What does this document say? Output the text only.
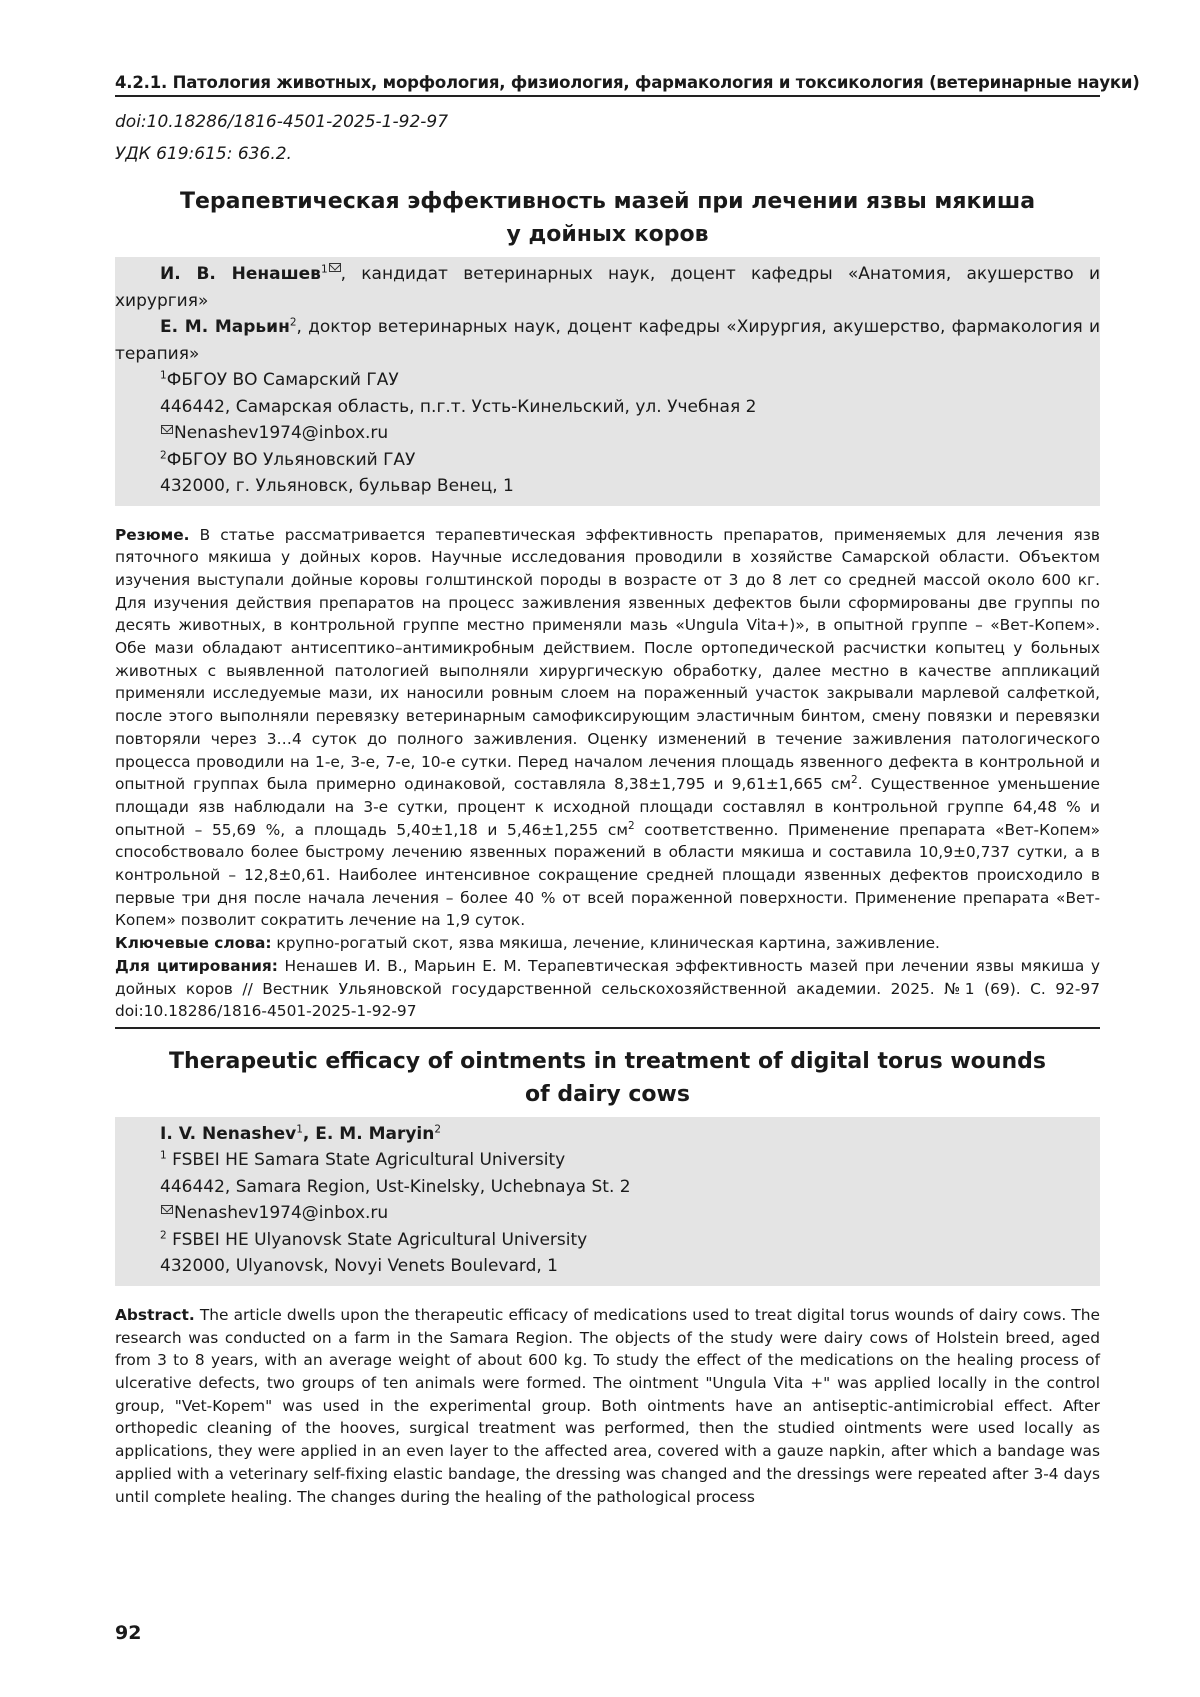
4.2.1. Патология животных, морфология, физиология, фармакология и токсикология (ветеринарные науки)
doi:10.18286/1816-4501-2025-1-92-97
УДК 619:615: 636.2.
Терапевтическая эффективность мазей при лечении язвы мякиша
у дойных коров
И. В. Ненашев1 , кандидат ветеринарных наук, доцент кафедры «Анатомия, акушерство и хирургия»
Е. М. Марьин2, доктор ветеринарных наук, доцент кафедры «Хирургия, акушерство, фармакология и терапия»
1ФБГОУ ВО Самарский ГАУ
446442, Самарская область, п.г.т. Усть-Кинельский, ул. Учебная 2
Nenashev1974@inbox.ru
2ФБГОУ ВО Ульяновский ГАУ
432000, г. Ульяновск, бульвар Венец, 1
Резюме. В статье рассматривается терапевтическая эффективность препаратов, применяемых для лечения язв пяточного мякиша у дойных коров. Научные исследования проводили в хозяйстве Самарской области. Объектом изучения выступали дойные коровы голштинской породы в возрасте от 3 до 8 лет со средней массой около 600 кг. Для изучения действия препаратов на процесс заживления язвенных дефектов были сформированы две группы по десять животных, в контрольной группе местно применяли мазь «Ungula Vita+)», в опытной группе – «Вет-Копем». Обе мази обладают антисептико–антимикробным действием. После ортопедической расчистки копытец у больных животных с выявленной патологией выполняли хирургическую обработку, далее местно в качестве аппликаций применяли исследуемые мази, их наносили ровным слоем на пораженный участок закрывали марлевой салфеткой, после этого выполняли перевязку ветеринарным самофиксирующим эластичным бинтом, смену повязки и перевязки повторяли через 3…4 суток до полного заживления. Оценку изменений в течение заживления патологического процесса проводили на 1-е, 3-е, 7-е, 10-е сутки. Перед началом лечения площадь язвенного дефекта в контрольной и опытной группах была примерно одинаковой, составляла 8,38±1,795 и 9,61±1,665 см2. Существенное уменьшение площади язв наблюдали на 3-е сутки, процент к исходной площади составлял в контрольной группе 64,48 % и опытной – 55,69 %, а площадь 5,40±1,18 и 5,46±1,255 см2 соответственно. Применение препарата «Вет-Копем» способствовало более быстрому лечению язвенных поражений в области мякиша и составила 10,9±0,737 сутки, а в контрольной – 12,8±0,61. Наиболее интенсивное сокращение средней площади язвенных дефектов происходило в первые три дня после начала лечения – более 40 % от всей пораженной поверхности. Применение препарата «Вет-Копем» позволит сократить лечение на 1,9 суток.
Ключевые слова: крупно-рогатый скот, язва мякиша, лечение, клиническая картина, заживление.
Для цитирования: Ненашев И. В., Марьин Е. М. Терапевтическая эффективность мазей при лечении язвы мякиша у дойных коров // Вестник Ульяновской государственной сельскохозяйственной академии. 2025. №1 (69). С. 92-97 doi:10.18286/1816-4501-2025-1-92-97
Therapeutic efficacy of ointments in treatment of digital torus wounds
of dairy cows
I. V. Nenashev1, E. M. Maryin2
1 FSBEI HE Samara State Agricultural University
446442, Samara Region, Ust-Kinelsky, Uchebnaya St. 2
Nenashev1974@inbox.ru
2 FSBEI HE Ulyanovsk State Agricultural University
432000, Ulyanovsk, Novyi Venets Boulevard, 1
Abstract. The article dwells upon the therapeutic efficacy of medications used to treat digital torus wounds of dairy cows. The research was conducted on a farm in the Samara Region. The objects of the study were dairy cows of Holstein breed, aged from 3 to 8 years, with an average weight of about 600 kg. To study the effect of the medications on the healing process of ulcerative defects, two groups of ten animals were formed. The ointment "Ungula Vita +" was applied locally in the control group, "Vet-Kopem" was used in the experimental group. Both ointments have an antiseptic-antimicrobial effect. After orthopedic cleaning of the hooves, surgical treatment was performed, then the studied ointments were used locally as applications, they were applied in an even layer to the affected area, covered with a gauze napkin, after which a bandage was applied with a veterinary self-fixing elastic bandage, the dressing was changed and the dressings were repeated after 3-4 days until complete healing. The changes during the healing of the pathological process
92
